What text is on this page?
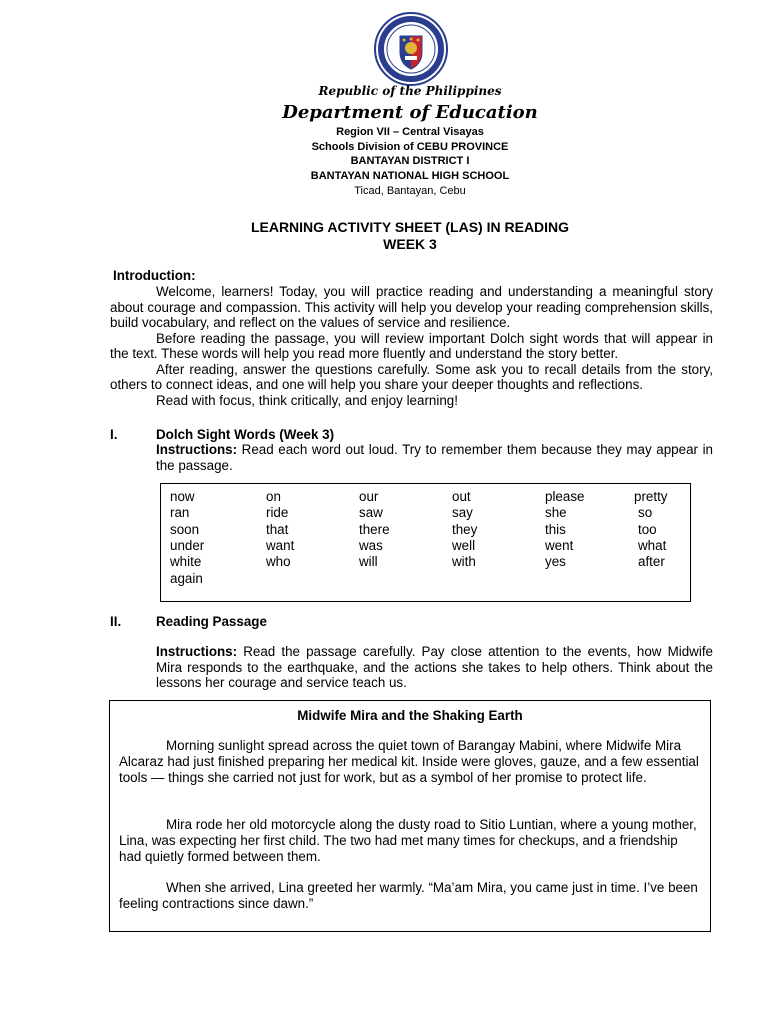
Republic of the Philippines
Department of Education
Region VII – Central Visayas
Schools Division of CEBU PROVINCE
BANTAYAN DISTRICT I
BANTAYAN NATIONAL HIGH SCHOOL
Ticad, Bantayan, Cebu
LEARNING ACTIVITY SHEET (LAS) IN READING
WEEK 3
Introduction:

Welcome, learners! Today, you will practice reading and understanding a meaningful story about courage and compassion. This activity will help you develop your reading comprehension skills, build vocabulary, and reflect on the values of service and resilience.

Before reading the passage, you will review important Dolch sight words that will appear in the text. These words will help you read more fluently and understand the story better.

After reading, answer the questions carefully. Some ask you to recall details from the story, others to connect ideas, and one will help you share your deeper thoughts and reflections.

Read with focus, think critically, and enjoy learning!

I.	Dolch Sight Words (Week 3)
Instructions: Read each word out loud. Try to remember them because they may appear in the passage.
now	on	our	out	please	pretty
ran	ride	saw	say	she	so
soon	that	there	they	this	too
under	want	was	well	went	what
white	who	will	with	yes	after
again
II.	Reading Passage
Instructions: Read the passage carefully. Pay close attention to the events, how Midwife Mira responds to the earthquake, and the actions she takes to help others. Think about the lessons her courage and service teach us.
Midwife Mira and the Shaking Earth

Morning sunlight spread across the quiet town of Barangay Mabini, where Midwife Mira Alcaraz had just finished preparing her medical kit. Inside were gloves, gauze, and a few essential tools — things she carried not just for work, but as a symbol of her promise to protect life.

Mira rode her old motorcycle along the dusty road to Sitio Luntian, where a young mother, Lina, was expecting her first child. The two had met many times for checkups, and a friendship had quietly formed between them.

When she arrived, Lina greeted her warmly. “Ma’am Mira, you came just in time. I’ve been feeling contractions since dawn.”
